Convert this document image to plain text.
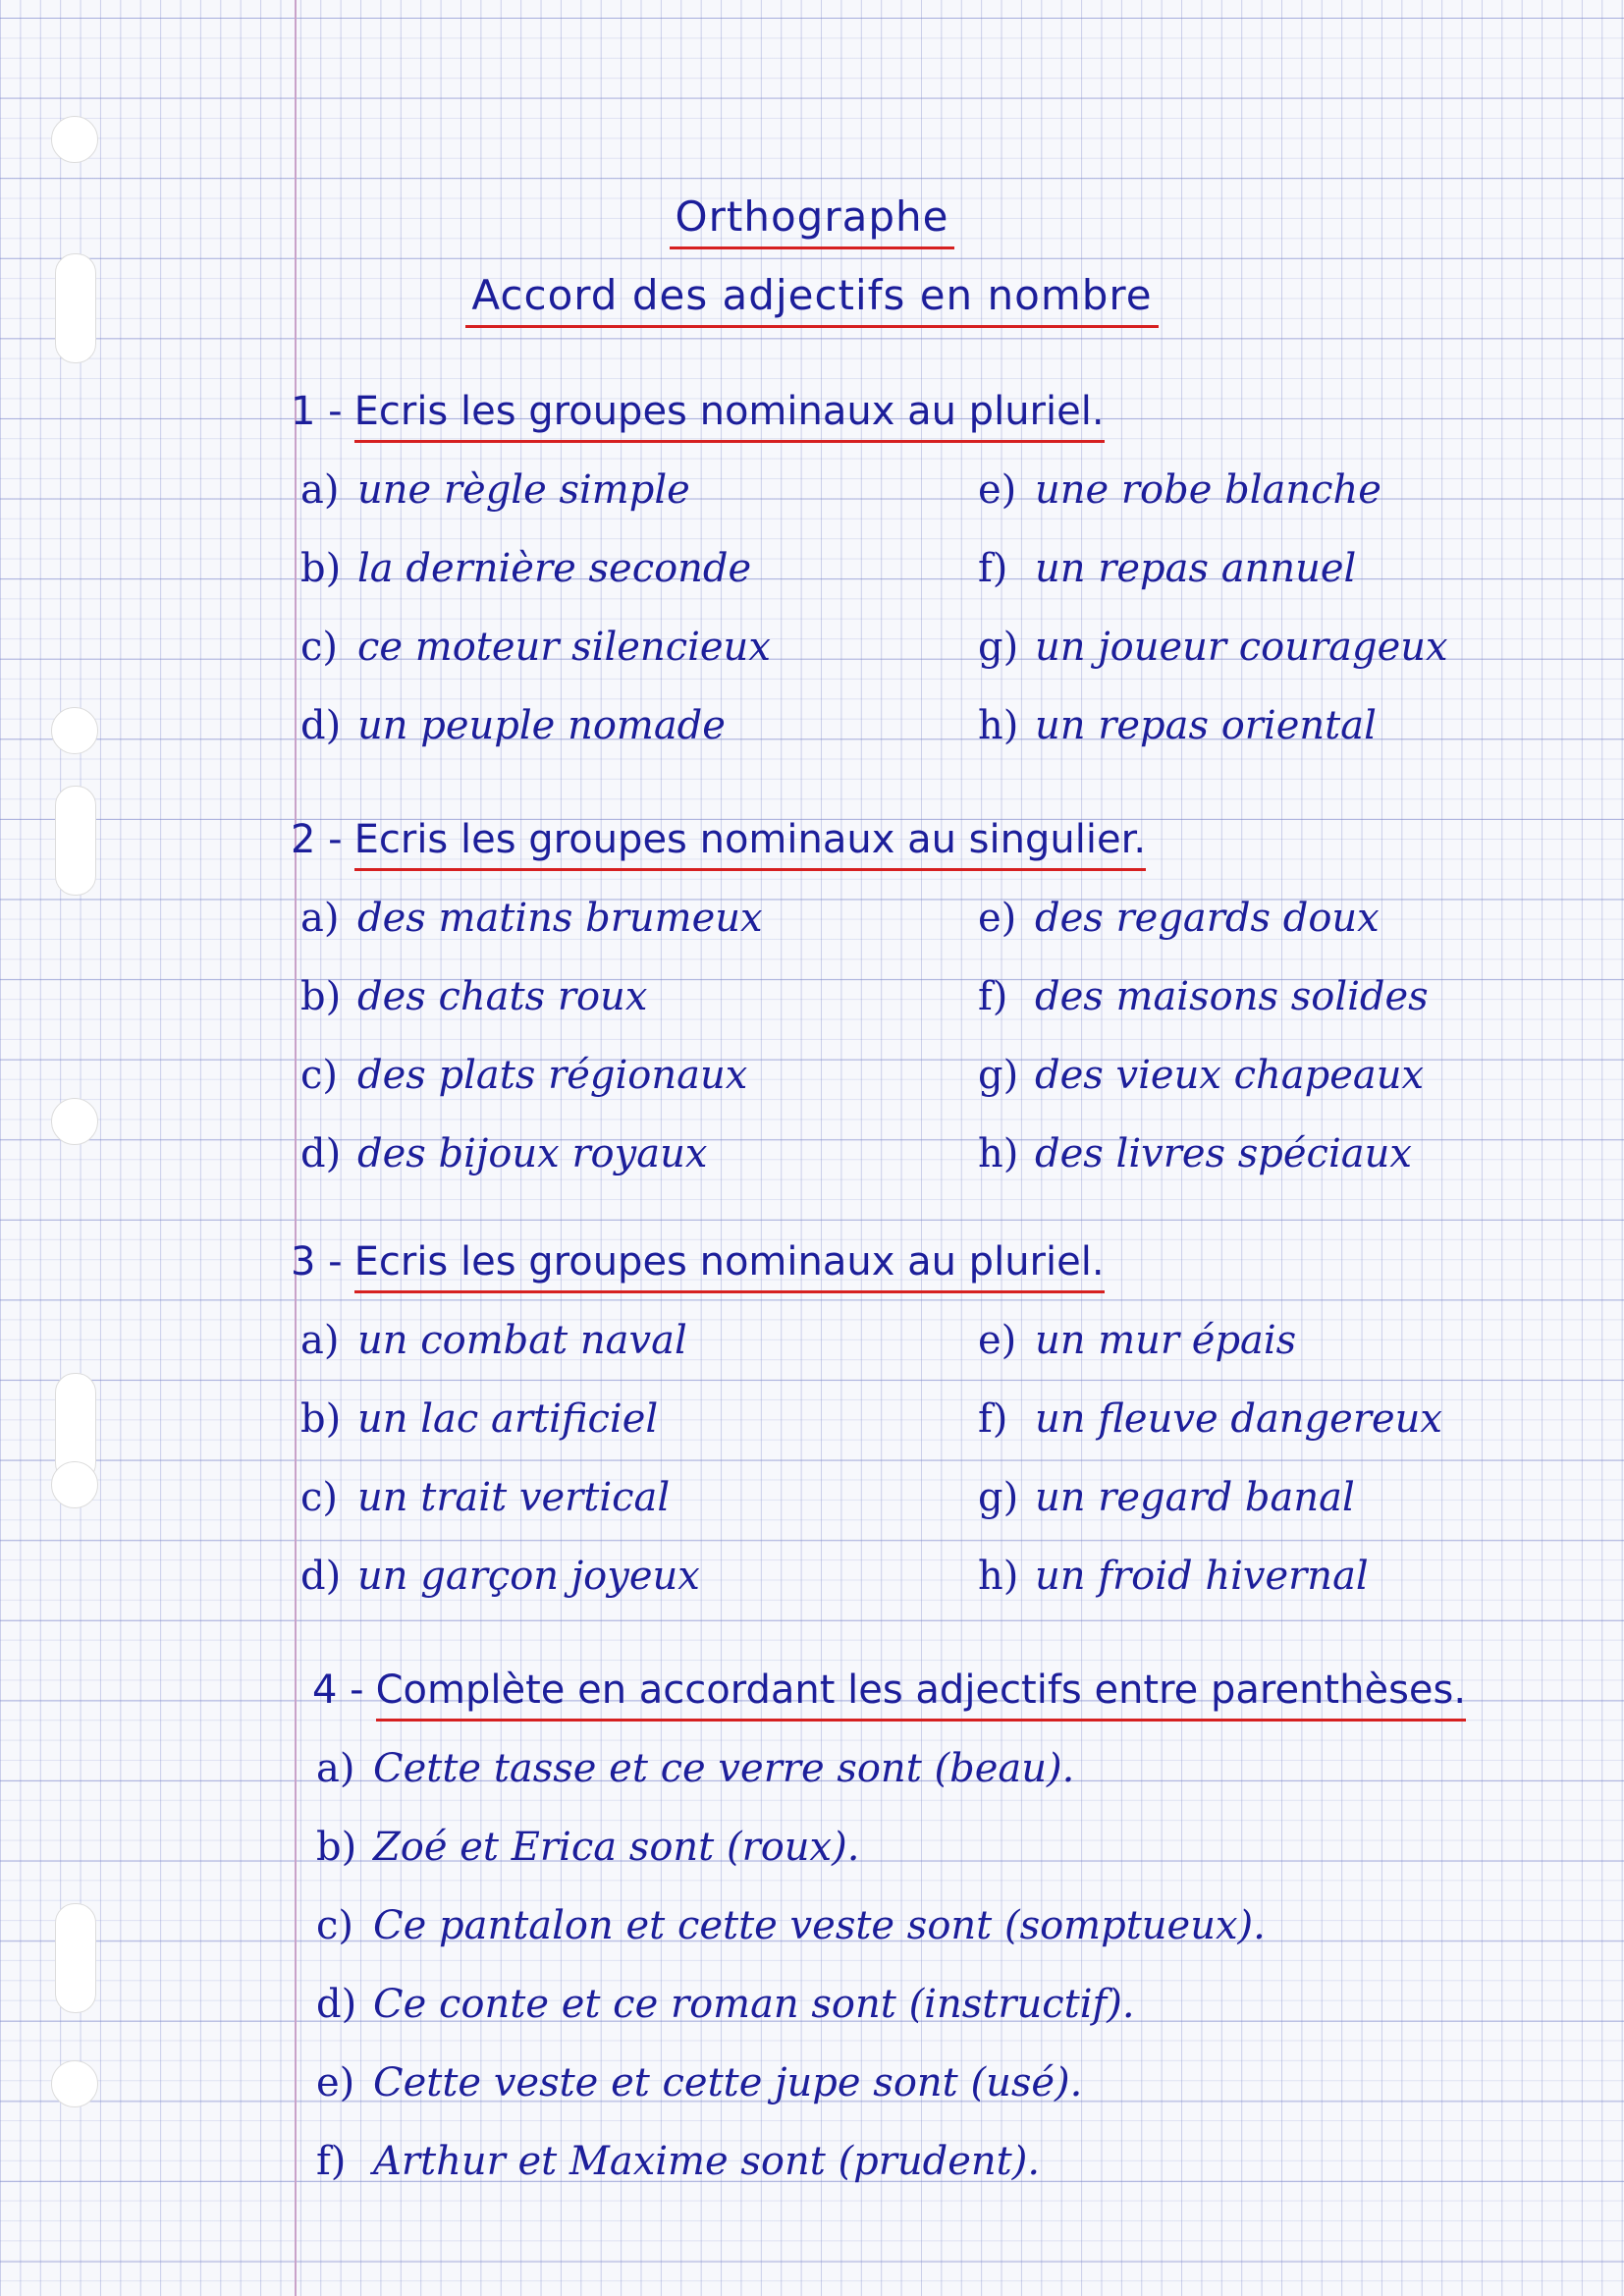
Orthographe
Accord des adjectifs en nombre
1 - Ecris les groupes nominaux au pluriel.
a) une règle simple
b) la dernière seconde
c) ce moteur silencieux
d) un peuple nomade
e) une robe blanche
f) un repas annuel
g) un joueur courageux
h) un repas oriental
2 - Ecris les groupes nominaux au singulier.
a) des matins brumeux
b) des chats roux
c) des plats régionaux
d) des bijoux royaux
e) des regards doux
f) des maisons solides
g) des vieux chapeaux
h) des livres spéciaux
3 - Ecris les groupes nominaux au pluriel.
a) un combat naval
b) un lac artificiel
c) un trait vertical
d) un garçon joyeux
e) un mur épais
f) un fleuve dangereux
g) un regard banal
h) un froid hivernal
4 - Complète en accordant les adjectifs entre parenthèses.
a) Cette tasse et ce verre sont (beau).
b) Zoé et Erica sont (roux).
c) Ce pantalon et cette veste sont (somptueux).
d) Ce conte et ce roman sont (instructif).
e) Cette veste et cette jupe sont (usé).
f) Arthur et Maxime sont (prudent).
